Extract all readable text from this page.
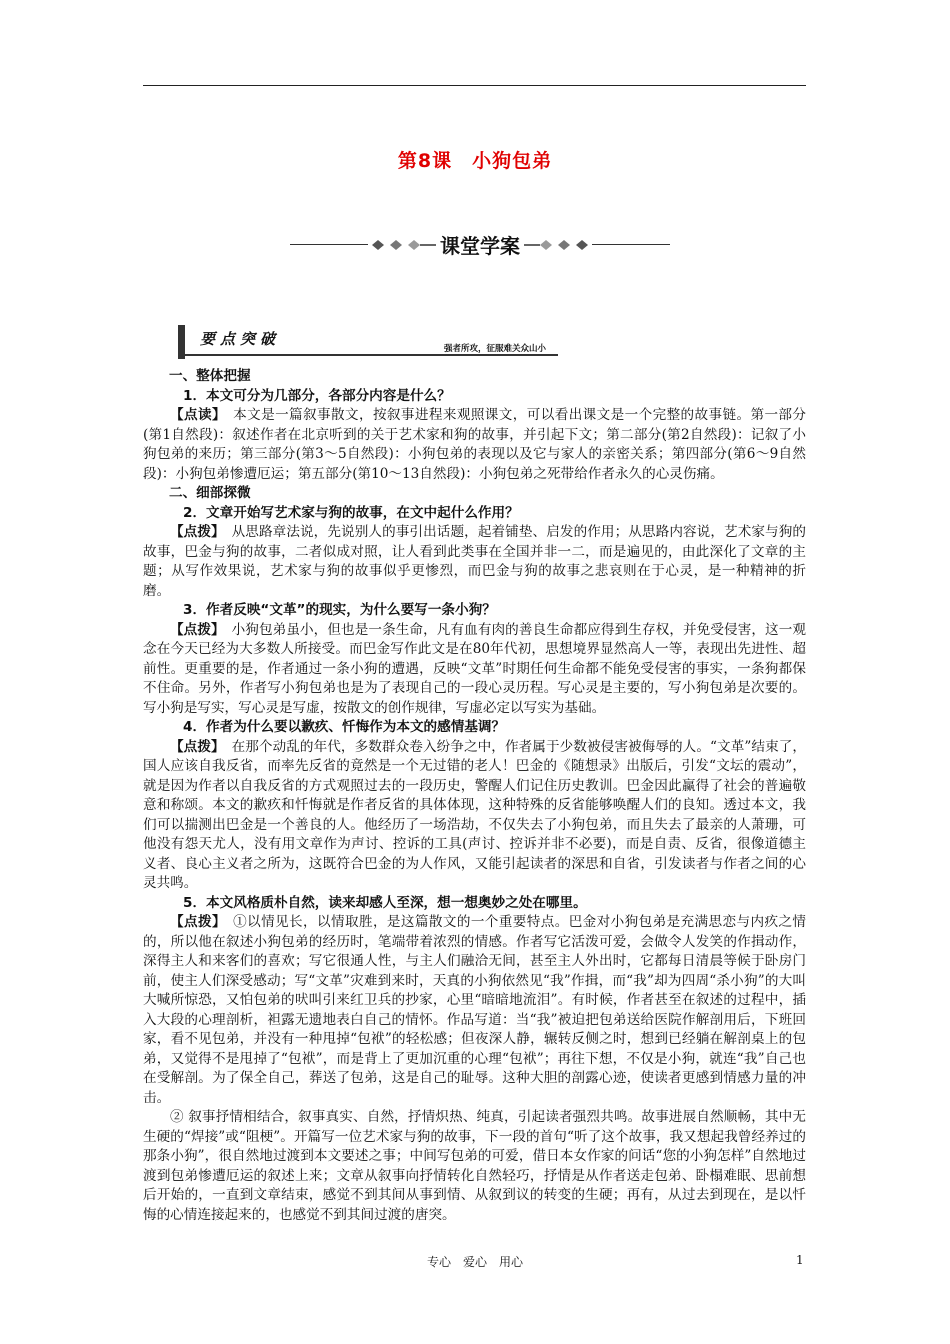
第8课　小狗包弟
课堂学案
要点突破
强者所攻，征服难关众山小

一、整体把握

1．本文可分为几部分，各部分内容是什么？

【点读】　 本文是一篇叙事散文，按叙事进程来观照课文，可以看出课文是一个完整的故事链。第一部分(第1自然段)：叙述作者在北京听到的关于艺术家和狗的故事，并引起下文；第二部分(第2自然段)：记叙了小狗包弟的来历；第三部分(第3～5自然段)：小狗包弟的表现以及它与家人的亲密关系；第四部分(第6～9自然段)：小狗包弟惨遭厄运；第五部分(第10～13自然段)：小狗包弟之死带给作者永久的心灵伤痛。

二、细部探微

2．文章开始写艺术家与狗的故事，在文中起什么作用？

【点拨】　 从思路章法说，先说别人的事引出话题，起着铺垫、启发的作用；从思路内容说，艺术家与狗的故事，巴金与狗的故事，二者似成对照，让人看到此类事在全国并非一二，而是遍见的，由此深化了文章的主题；从写作效果说，艺术家与狗的故事似乎更惨烈，而巴金与狗的故事之悲哀则在于心灵，是一种精神的折磨。

3．作者反映“文革”的现实，为什么要写一条小狗？

【点拨】　 小狗包弟虽小，但也是一条生命，凡有血有肉的善良生命都应得到生存权，并免受侵害，这一观念在今天已经为大多数人所接受。而巴金写作此文是在80年代初，思想境界显然高人一等，表现出先进性、超前性。更重要的是，作者通过一条小狗的遭遇，反映“文革”时期任何生命都不能免受侵害的事实，一条狗都保不住命。另外，作者写小狗包弟也是为了表现自己的一段心灵历程。写心灵是主要的，写小狗包弟是次要的。写小狗是写实，写心灵是写虚，按散文的创作规律，写虚必定以写实为基础。

4．作者为什么要以歉疚、忏悔作为本文的感情基调？

【点拨】　 在那个动乱的年代，多数群众卷入纷争之中，作者属于少数被侵害被侮辱的人。“文革”结束了，国人应该自我反省，而率先反省的竟然是一个无过错的老人！巴金的《随想录》出版后，引发“文坛的震动”，就是因为作者以自我反省的方式观照过去的一段历史，警醒人们记住历史教训。巴金因此赢得了社会的普遍敬意和称颂。本文的歉疚和忏悔就是作者反省的具体体现，这种特殊的反省能够唤醒人们的良知。透过本文，我们可以揣测出巴金是一个善良的人。他经历了一场浩劫，不仅失去了小狗包弟，而且失去了最亲的人萧珊，可他没有怨天尤人，没有用文章作为声讨、控诉的工具(声讨、控诉并非不必要)，而是自责、反省，很像道德主义者、良心主义者之所为，这既符合巴金的为人作风，又能引起读者的深思和自省，引发读者与作者之间的心灵共鸣。

5．本文风格质朴自然，读来却感人至深，想一想奥妙之处在哪里。

【点拨】　 ①以情见长，以情取胜，是这篇散文的一个重要特点。巴金对小狗包弟是充满思恋与内疚之情的，所以他在叙述小狗包弟的经历时，笔端带着浓烈的情感。作者写它活泼可爱，会做令人发笑的作揖动作，深得主人和来客们的喜欢；写它很通人性，与主人们融洽无间，甚至主人外出时，它都每日清晨等候于卧房门前，使主人们深受感动；写“文革”灾难到来时，天真的小狗依然见“我”作揖，而“我”却为四周“杀小狗”的大叫大喊所惊恐，又怕包弟的吠叫引来红卫兵的抄家，心里“暗暗地流泪”。有时候，作者甚至在叙述的过程中，插入大段的心理剖析，袒露无遗地表白自己的情怀。作品写道：当“我”被迫把包弟送给医院作解剖用后，下班回家，看不见包弟，并没有一种甩掉“包袱”的轻松感；但夜深人静，辗转反侧之时，想到已经躺在解剖桌上的包弟，又觉得不是甩掉了“包袱”，而是背上了更加沉重的心理“包袱”；再往下想，不仅是小狗，就连“我”自己也在受解剖。为了保全自己，葬送了包弟，这是自己的耻辱。这种大胆的剖露心迹，使读者更感到情感力量的冲击。

② 叙事抒情相结合，叙事真实、自然，抒情炽热、纯真，引起读者强烈共鸣。故事进展自然顺畅，其中无生硬的“焊接”或“阻梗”。开篇写一位艺术家与狗的故事，下一段的首句“听了这个故事，我又想起我曾经养过的那条小狗”，很自然地过渡到本文要述之事；中间写包弟的可爱，借日本女作家的问话“您的小狗怎样”自然地过渡到包弟惨遭厄运的叙述上来；文章从叙事向抒情转化自然轻巧，抒情是从作者送走包弟、卧榻难眠、思前想后开始的，一直到文章结束，感觉不到其间从事到情、从叙到议的转变的生硬；再有，从过去到现在，是以忏悔的心情连接起来的，也感觉不到其间过渡的唐突。

专心　爱心　用心	1
